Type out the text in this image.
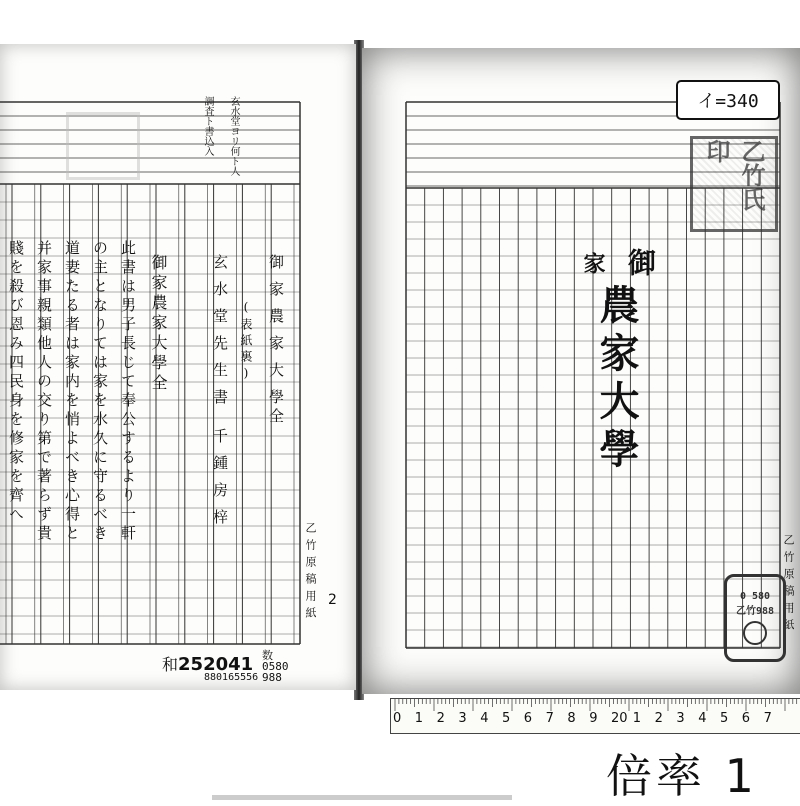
玄水堂ヨリ何ト人
調査ト書込入
御家農家大學
全
(表紙裏)
玄水堂先生書
千鍾房梓
御家農家大學全
此書は男子長じて奉公するより一軒
の主となりては家を水久に守るべき
道妻たる者は家内を悄よべき心得と
并家事親類他人の交り第で著らず貴
賤を殺び恩み四民身を修家を齊へ
乙竹原稿用紙
和252041
880165556
数
0580
988
2
イ=340
乙竹氏印
御
家
農家大學
乙竹原稿用紙
0 580
乙竹988
0 1 2 3 4 5 6 7 8 9 20 1 2 3 4 5 6 7
倍率 1
